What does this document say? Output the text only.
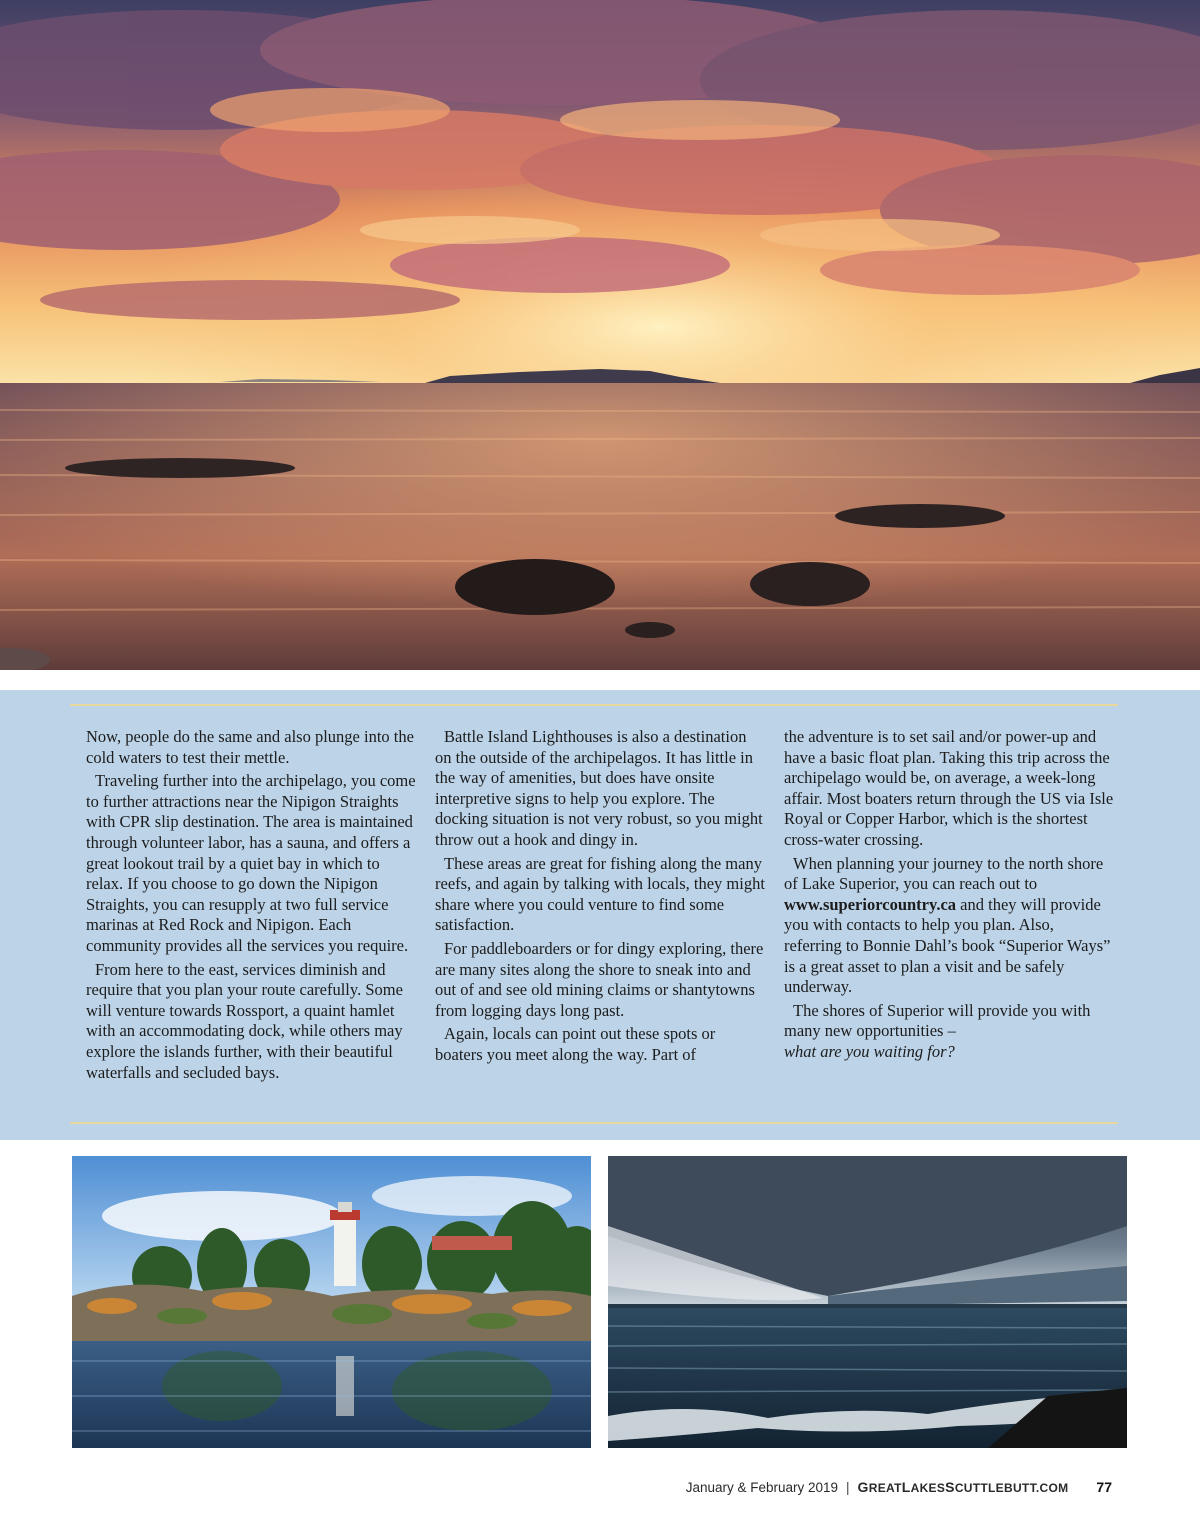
Now, people do the same and also plunge into the cold waters to test their mettle.

Traveling further into the archipelago, you come to further attractions near the Nipigon Straights with CPR slip destination. The area is maintained through volunteer labor, has a sauna, and offers a great lookout trail by a quiet bay in which to relax. If you choose to go down the Nipigon Straights, you can resupply at two full service marinas at Red Rock and Nipigon. Each community provides all the services you require.

From here to the east, services diminish and require that you plan your route carefully. Some will venture towards Rossport, a quaint hamlet with an accommodating dock, while others may explore the islands further, with their beautiful waterfalls and secluded bays.

Battle Island Lighthouses is also a destination on the outside of the archipelagos. It has little in the way of amenities, but does have onsite interpretive signs to help you explore. The docking situation is not very robust, so you might throw out a hook and dingy in.

These areas are great for fishing along the many reefs, and again by talking with locals, they might share where you could venture to find some satisfaction.

For paddleboarders or for dingy exploring, there are many sites along the shore to sneak into and out of and see old mining claims or shantytowns from logging days long past.

Again, locals can point out these spots or boaters you meet along the way. Part of

the adventure is to set sail and/or power-up and have a basic float plan. Taking this trip across the archipelago would be, on average, a week-long affair. Most boaters return through the US via Isle Royal or Copper Harbor, which is the shortest cross-water crossing.

When planning your journey to the north shore of Lake Superior, you can reach out to www.superiorcountry.ca and they will provide you with contacts to help you plan. Also, referring to Bonnie Dahl’s book “Superior Ways” is a great asset to plan a visit and be safely underway.

The shores of Superior will provide you with many new opportunities –
what are you waiting for?

January & February 2019 | GREATLAKESSCUTTLEBUTT.COM 77
